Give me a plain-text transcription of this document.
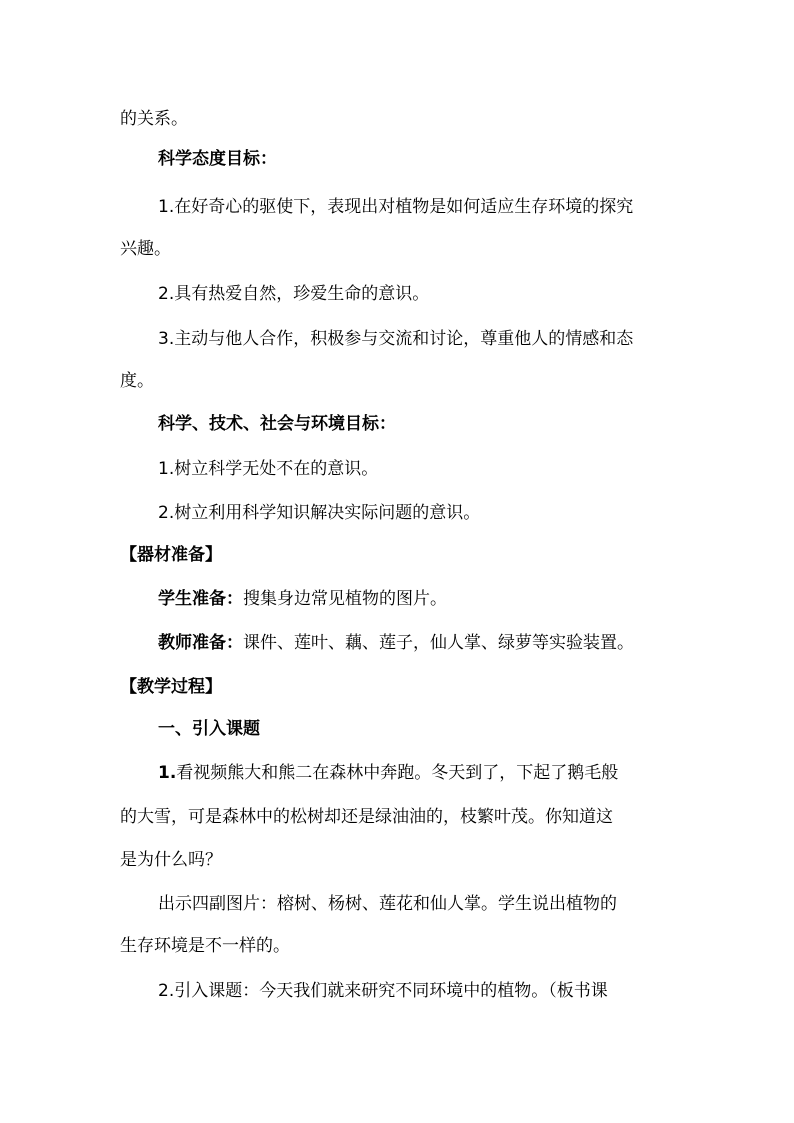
的关系。
科学态度目标：
1.在好奇心的驱使下，表现出对植物是如何适应生存环境的探究
兴趣。
2.具有热爱自然，珍爱生命的意识。
3.主动与他人合作，积极参与交流和讨论，尊重他人的情感和态
度。
科学、技术、社会与环境目标：
1.树立科学无处不在的意识。
2.树立利用科学知识解决实际问题的意识。
【器材准备】
学生准备：搜集身边常见植物的图片。
教师准备：课件、莲叶、藕、莲子，仙人掌、绿萝等实验装置。
【教学过程】
一、引入课题
1.看视频熊大和熊二在森林中奔跑。冬天到了，下起了鹅毛般
的大雪，可是森林中的松树却还是绿油油的，枝繁叶茂。你知道这
是为什么吗？
出示四副图片：榕树、杨树、莲花和仙人掌。学生说出植物的
生存环境是不一样的。
2.引入课题：今天我们就来研究不同环境中的植物。（板书课
